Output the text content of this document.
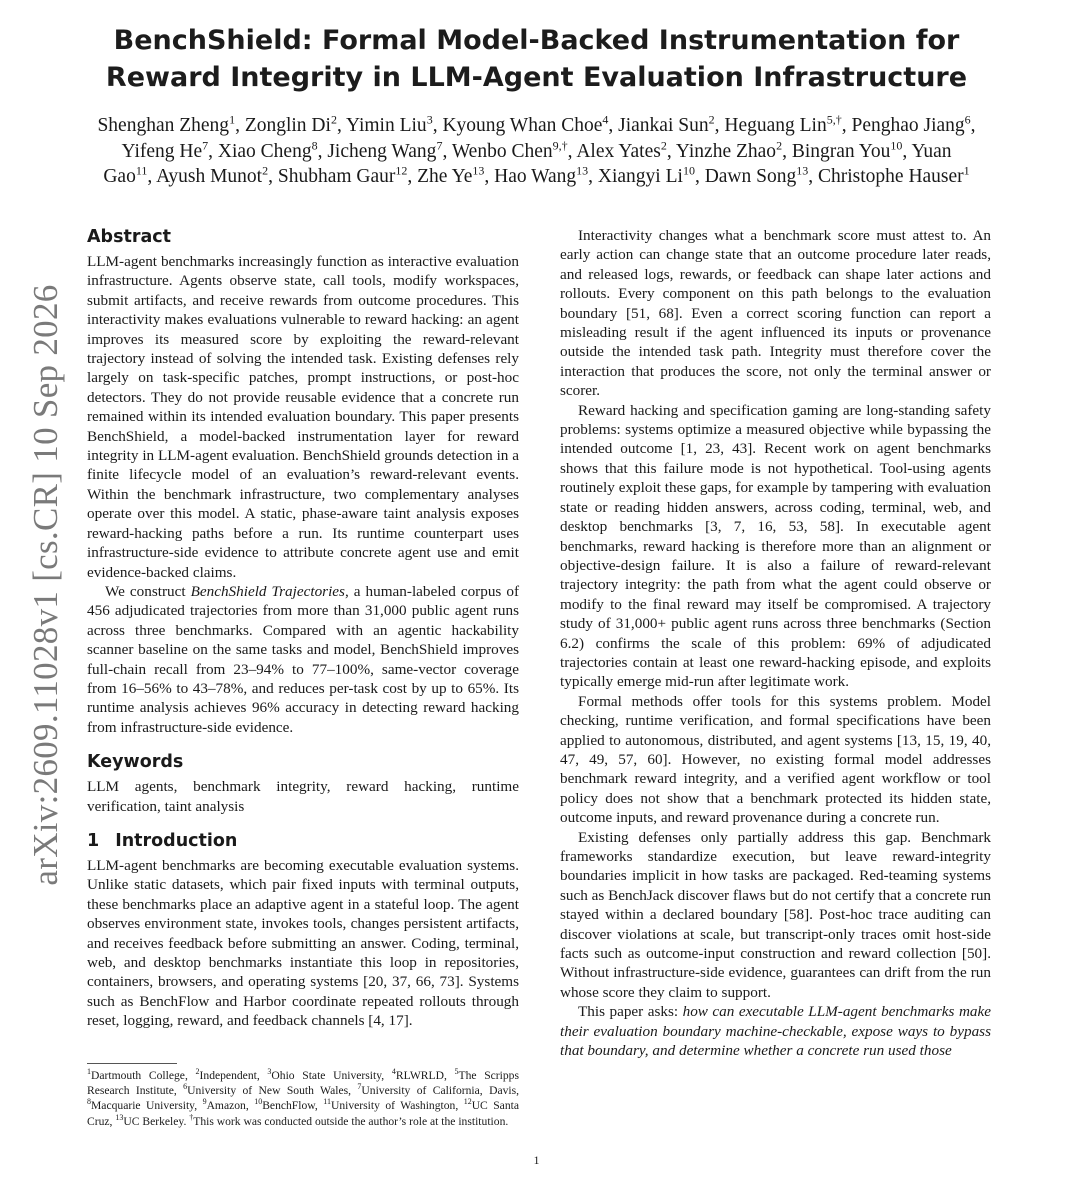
BenchShield: Formal Model-Backed Instrumentation for Reward Integrity in LLM-Agent Evaluation Infrastructure

Shenghan Zheng$^1$, Zonglin Di$^2$, Yimin Liu$^3$, Kyoung Whan Choe$^4$, Jiankai Sun$^2$, Heguang Lin$^{5,\dagger}$, Penghao Jiang$^6$, Yifeng He$^7$, Xiao Cheng$^8$, Jicheng Wang$^7$, Wenbo Chen$^{9,\dagger}$, Alex Yates$^2$, Yinzhe Zhao$^2$, Bingran You$^{10}$, Yuan Gao$^{11}$, Ayush Munot$^2$, Shubham Gaur$^{12}$, Zhe Ye$^{13}$, Hao Wang$^{13}$, Xiangyi Li$^{10}$, Dawn Song$^{13}$, Christophe Hauser$^1$

arXiv:2609.11028v1 [cs.CR] 10 Sep 2026
Abstract

LLM-agent benchmarks increasingly function as interactive evaluation infrastructure. Agents observe state, call tools, modify workspaces, submit artifacts, and receive rewards from outcome procedures. This interactivity makes evaluations vulnerable to reward hacking: an agent improves its measured score by exploiting the reward-relevant trajectory instead of solving the intended task. Existing defenses rely largely on task-specific patches, prompt instructions, or post-hoc detectors. They do not provide reusable evidence that a concrete run remained within its intended evaluation boundary. This paper presents BenchShield, a model-backed instrumentation layer for reward integrity in LLM-agent evaluation. BenchShield grounds detection in a finite lifecycle model of an evaluation’s reward-relevant events. Within the benchmark infrastructure, two complementary analyses operate over this model. A static, phase-aware taint analysis exposes reward-hacking paths before a run. Its runtime counterpart uses infrastructure-side evidence to attribute concrete agent use and emit evidence-backed claims.

We construct BenchShield Trajectories, a human-labeled corpus of 456 adjudicated trajectories from more than 31,000 public agent runs across three benchmarks. Compared with an agentic hackability scanner baseline on the same tasks and model, BenchShield improves full-chain recall from 23–94% to 77–100%, same-vector coverage from 16–56% to 43–78%, and reduces per-task cost by up to 65%. Its runtime analysis achieves 96% accuracy in detecting reward hacking from infrastructure-side evidence.

Keywords

LLM agents, benchmark integrity, reward hacking, runtime verification, taint analysis

1 Introduction

LLM-agent benchmarks are becoming executable evaluation systems. Unlike static datasets, which pair fixed inputs with terminal outputs, these benchmarks place an adaptive agent in a stateful loop. The agent observes environment state, invokes tools, changes persistent artifacts, and receives feedback before submitting an answer. Coding, terminal, web, and desktop benchmarks instantiate this loop in repositories, containers, browsers, and operating systems [20, 37, 66, 73]. Systems such as BenchFlow and Harbor coordinate repeated rollouts through reset, logging, reward, and feedback channels [4, 17].

Interactivity changes what a benchmark score must attest to. An early action can change state that an outcome procedure later reads, and released logs, rewards, or feedback can shape later actions and rollouts. Every component on this path belongs to the evaluation boundary [51, 68]. Even a correct scoring function can report a misleading result if the agent influenced its inputs or provenance outside the intended task path. Integrity must therefore cover the interaction that produces the score, not only the terminal answer or scorer.

Reward hacking and specification gaming are long-standing safety problems: systems optimize a measured objective while bypassing the intended outcome [1, 23, 43]. Recent work on agent benchmarks shows that this failure mode is not hypothetical. Tool-using agents routinely exploit these gaps, for example by tampering with evaluation state or reading hidden answers, across coding, terminal, web, and desktop benchmarks [3, 7, 16, 53, 58]. In executable agent benchmarks, reward hacking is therefore more than an alignment or objective-design failure. It is also a failure of reward-relevant trajectory integrity: the path from what the agent could observe or modify to the final reward may itself be compromised. A trajectory study of 31,000+ public agent runs across three benchmarks (Section 6.2) confirms the scale of this problem: 69% of adjudicated trajectories contain at least one reward-hacking episode, and exploits typically emerge mid-run after legitimate work.

Formal methods offer tools for this systems problem. Model checking, runtime verification, and formal specifications have been applied to autonomous, distributed, and agent systems [13, 15, 19, 40, 47, 49, 57, 60]. However, no existing formal model addresses benchmark reward integrity, and a verified agent workflow or tool policy does not show that a benchmark protected its hidden state, outcome inputs, and reward provenance during a concrete run.

Existing defenses only partially address this gap. Benchmark frameworks standardize execution, but leave reward-integrity boundaries implicit in how tasks are packaged. Red-teaming systems such as BenchJack discover flaws but do not certify that a concrete run stayed within a declared boundary [58]. Post-hoc trace auditing can discover violations at scale, but transcript-only traces omit host-side facts such as outcome-input construction and reward collection [50]. Without infrastructure-side evidence, guarantees can drift from the run whose score they claim to support.

This paper asks: how can executable LLM-agent benchmarks make their evaluation boundary machine-checkable, expose ways to bypass that boundary, and determine whether a concrete run used those

$^1$Dartmouth College, $^2$Independent, $^3$Ohio State University, $^4$RLWRLD, $^5$The Scripps Research Institute, $^6$University of New South Wales, $^7$University of California, Davis, $^8$Macquarie University, $^9$Amazon, $^{10}$BenchFlow, $^{11}$University of Washington, $^{12}$UC Santa Cruz, $^{13}$UC Berkeley. †This work was conducted outside the author’s role at the institution.

1
